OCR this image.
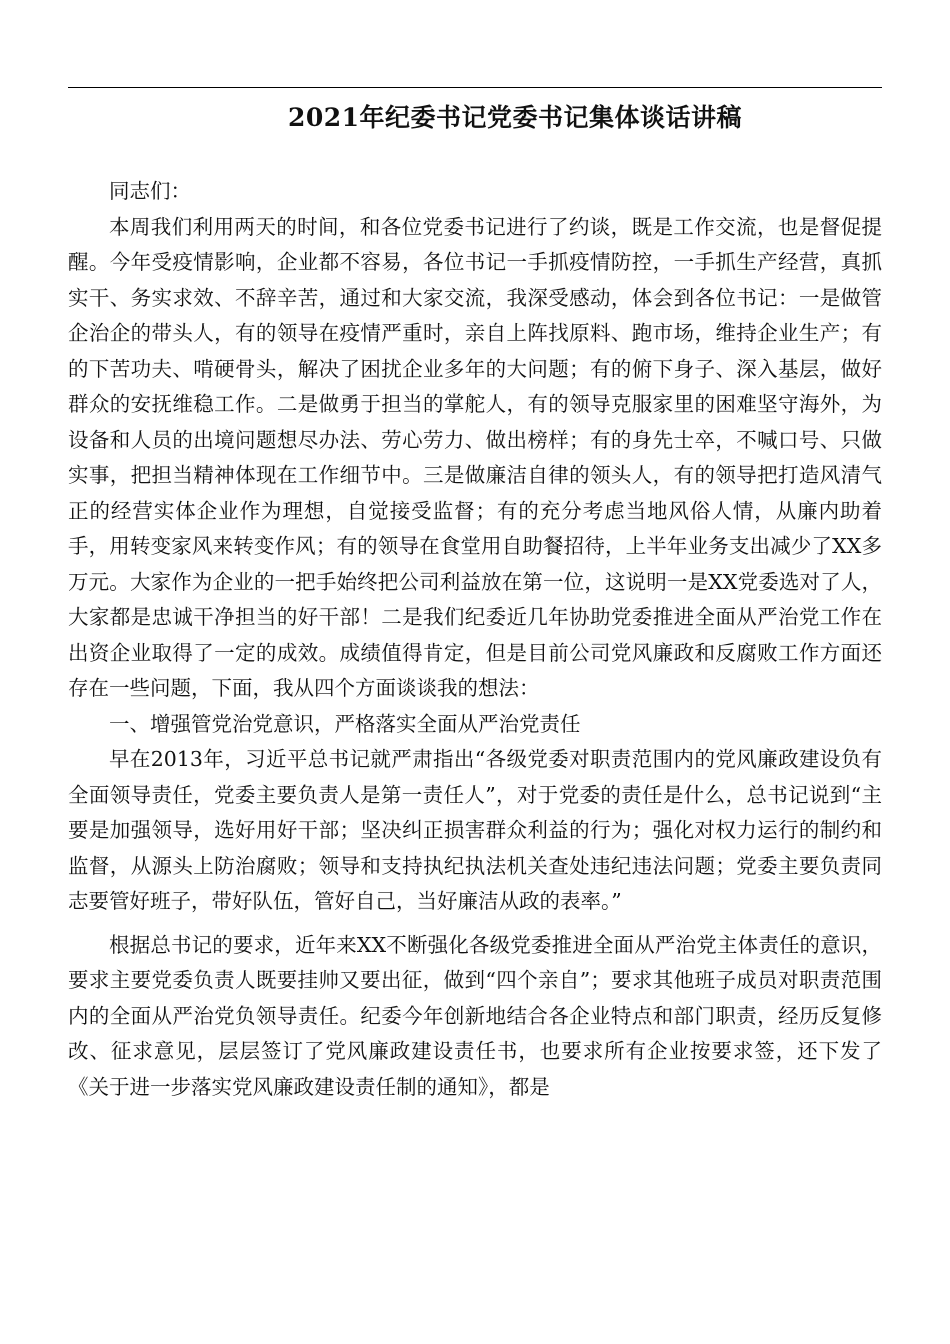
2021年纪委书记党委书记集体谈话讲稿

同志们：

本周我们利用两天的时间，和各位党委书记进行了约谈，既是工作交流，也是督促提醒。今年受疫情影响，企业都不容易，各位书记一手抓疫情防控，一手抓生产经营，真抓实干、务实求效、不辞辛苦，通过和大家交流，我深受感动，体会到各位书记：一是做管企治企的带头人，有的领导在疫情严重时，亲自上阵找原料、跑市场，维持企业生产；有的下苦功夫、啃硬骨头，解决了困扰企业多年的大问题；有的俯下身子、深入基层，做好群众的安抚维稳工作。二是做勇于担当的掌舵人，有的领导克服家里的困难坚守海外，为设备和人员的出境问题想尽办法、劳心劳力、做出榜样；有的身先士卒，不喊口号、只做实事，把担当精神体现在工作细节中。三是做廉洁自律的领头人，有的领导把打造风清气正的经营实体企业作为理想，自觉接受监督；有的充分考虑当地风俗人情，从廉内助着手，用转变家风来转变作风；有的领导在食堂用自助餐招待，上半年业务支出减少了XX多万元。大家作为企业的一把手始终把公司利益放在第一位，这说明一是XX党委选对了人，大家都是忠诚干净担当的好干部！二是我们纪委近几年协助党委推进全面从严治党工作在出资企业取得了一定的成效。成绩值得肯定，但是目前公司党风廉政和反腐败工作方面还存在一些问题，下面，我从四个方面谈谈我的想法：

一、增强管党治党意识，严格落实全面从严治党责任

早在2013年，习近平总书记就严肃指出“各级党委对职责范围内的党风廉政建设负有全面领导责任，党委主要负责人是第一责任人”，对于党委的责任是什么，总书记说到“主要是加强领导，选好用好干部；坚决纠正损害群众利益的行为；强化对权力运行的制约和监督，从源头上防治腐败；领导和支持执纪执法机关查处违纪违法问题；党委主要负责同志要管好班子，带好队伍，管好自己，当好廉洁从政的表率。”

根据总书记的要求，近年来XX不断强化各级党委推进全面从严治党主体责任的意识，要求主要党委负责人既要挂帅又要出征，做到“四个亲自”；要求其他班子成员对职责范围内的全面从严治党负领导责任。纪委今年创新地结合各企业特点和部门职责，经历反复修改、征求意见，层层签订了党风廉政建设责任书，也要求所有企业按要求签，还下发了《关于进一步落实党风廉政建设责任制的通知》，都是
